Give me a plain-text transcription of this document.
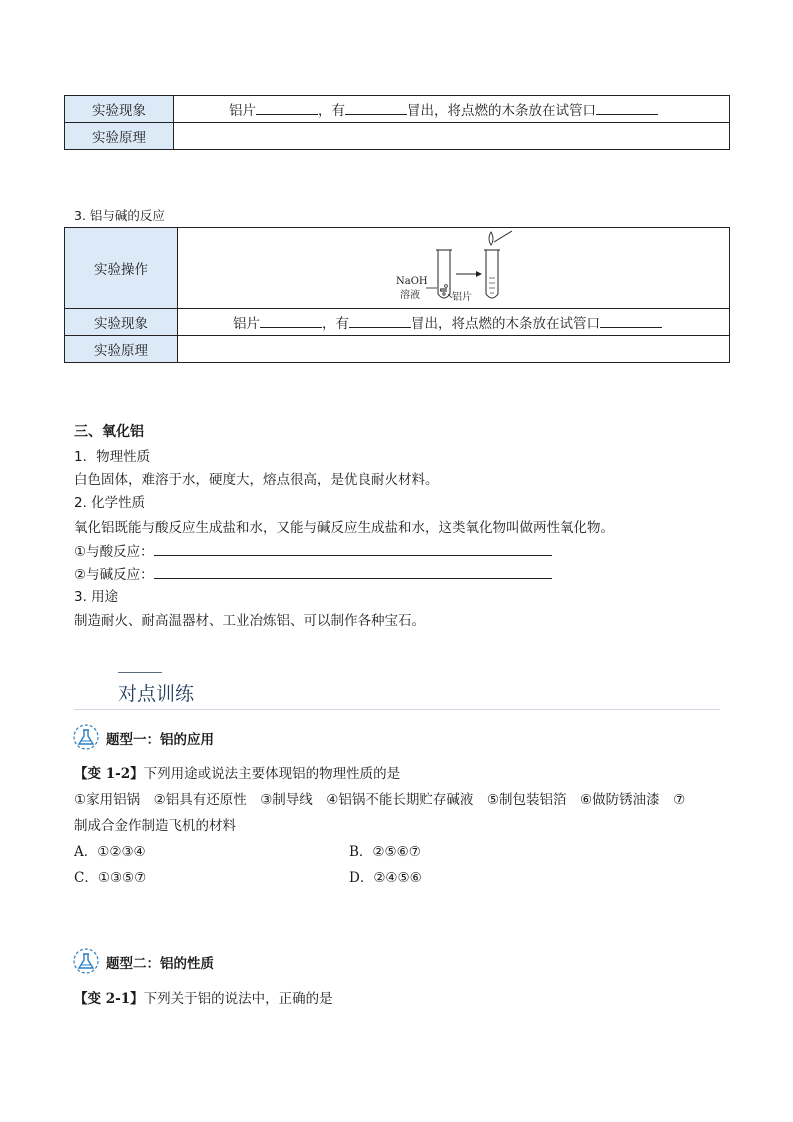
实验现象	铝片 ，有 冒出，将点燃的木条放在试管口
实验原理	
3. 铝与碱的反应
实验操作	NaOH
溶液 铝片

实验现象	铝片 ，有 冒出，将点燃的木条放在试管口
实验原理	
三、氧化铝
1．物理性质
白色固体，难溶于水，硬度大，熔点很高，是优良耐火材料。
2. 化学性质
氧化铝既能与酸反应生成盐和水，又能与碱反应生成盐和水，这类氧化物叫做两性氧化物。
①与酸反应：
②与碱反应：
3. 用途
制造耐火、耐高温器材、工业冶炼铝、可以制作各种宝石。
对点训练
题型一：铝的应用
【变 1-2】下列用途或说法主要体现铝的物理性质的是
①家用铝锅　②铝具有还原性　③制导线　④铝锅不能长期贮存碱液　⑤制包装铝箔　⑥做防锈油漆　⑦
制成合金作制造飞机的材料
A．①②③④	B．②⑤⑥⑦
C．①③⑤⑦	D．②④⑤⑥
题型二：铝的性质
【变 2-1】下列关于铝的说法中，正确的是
